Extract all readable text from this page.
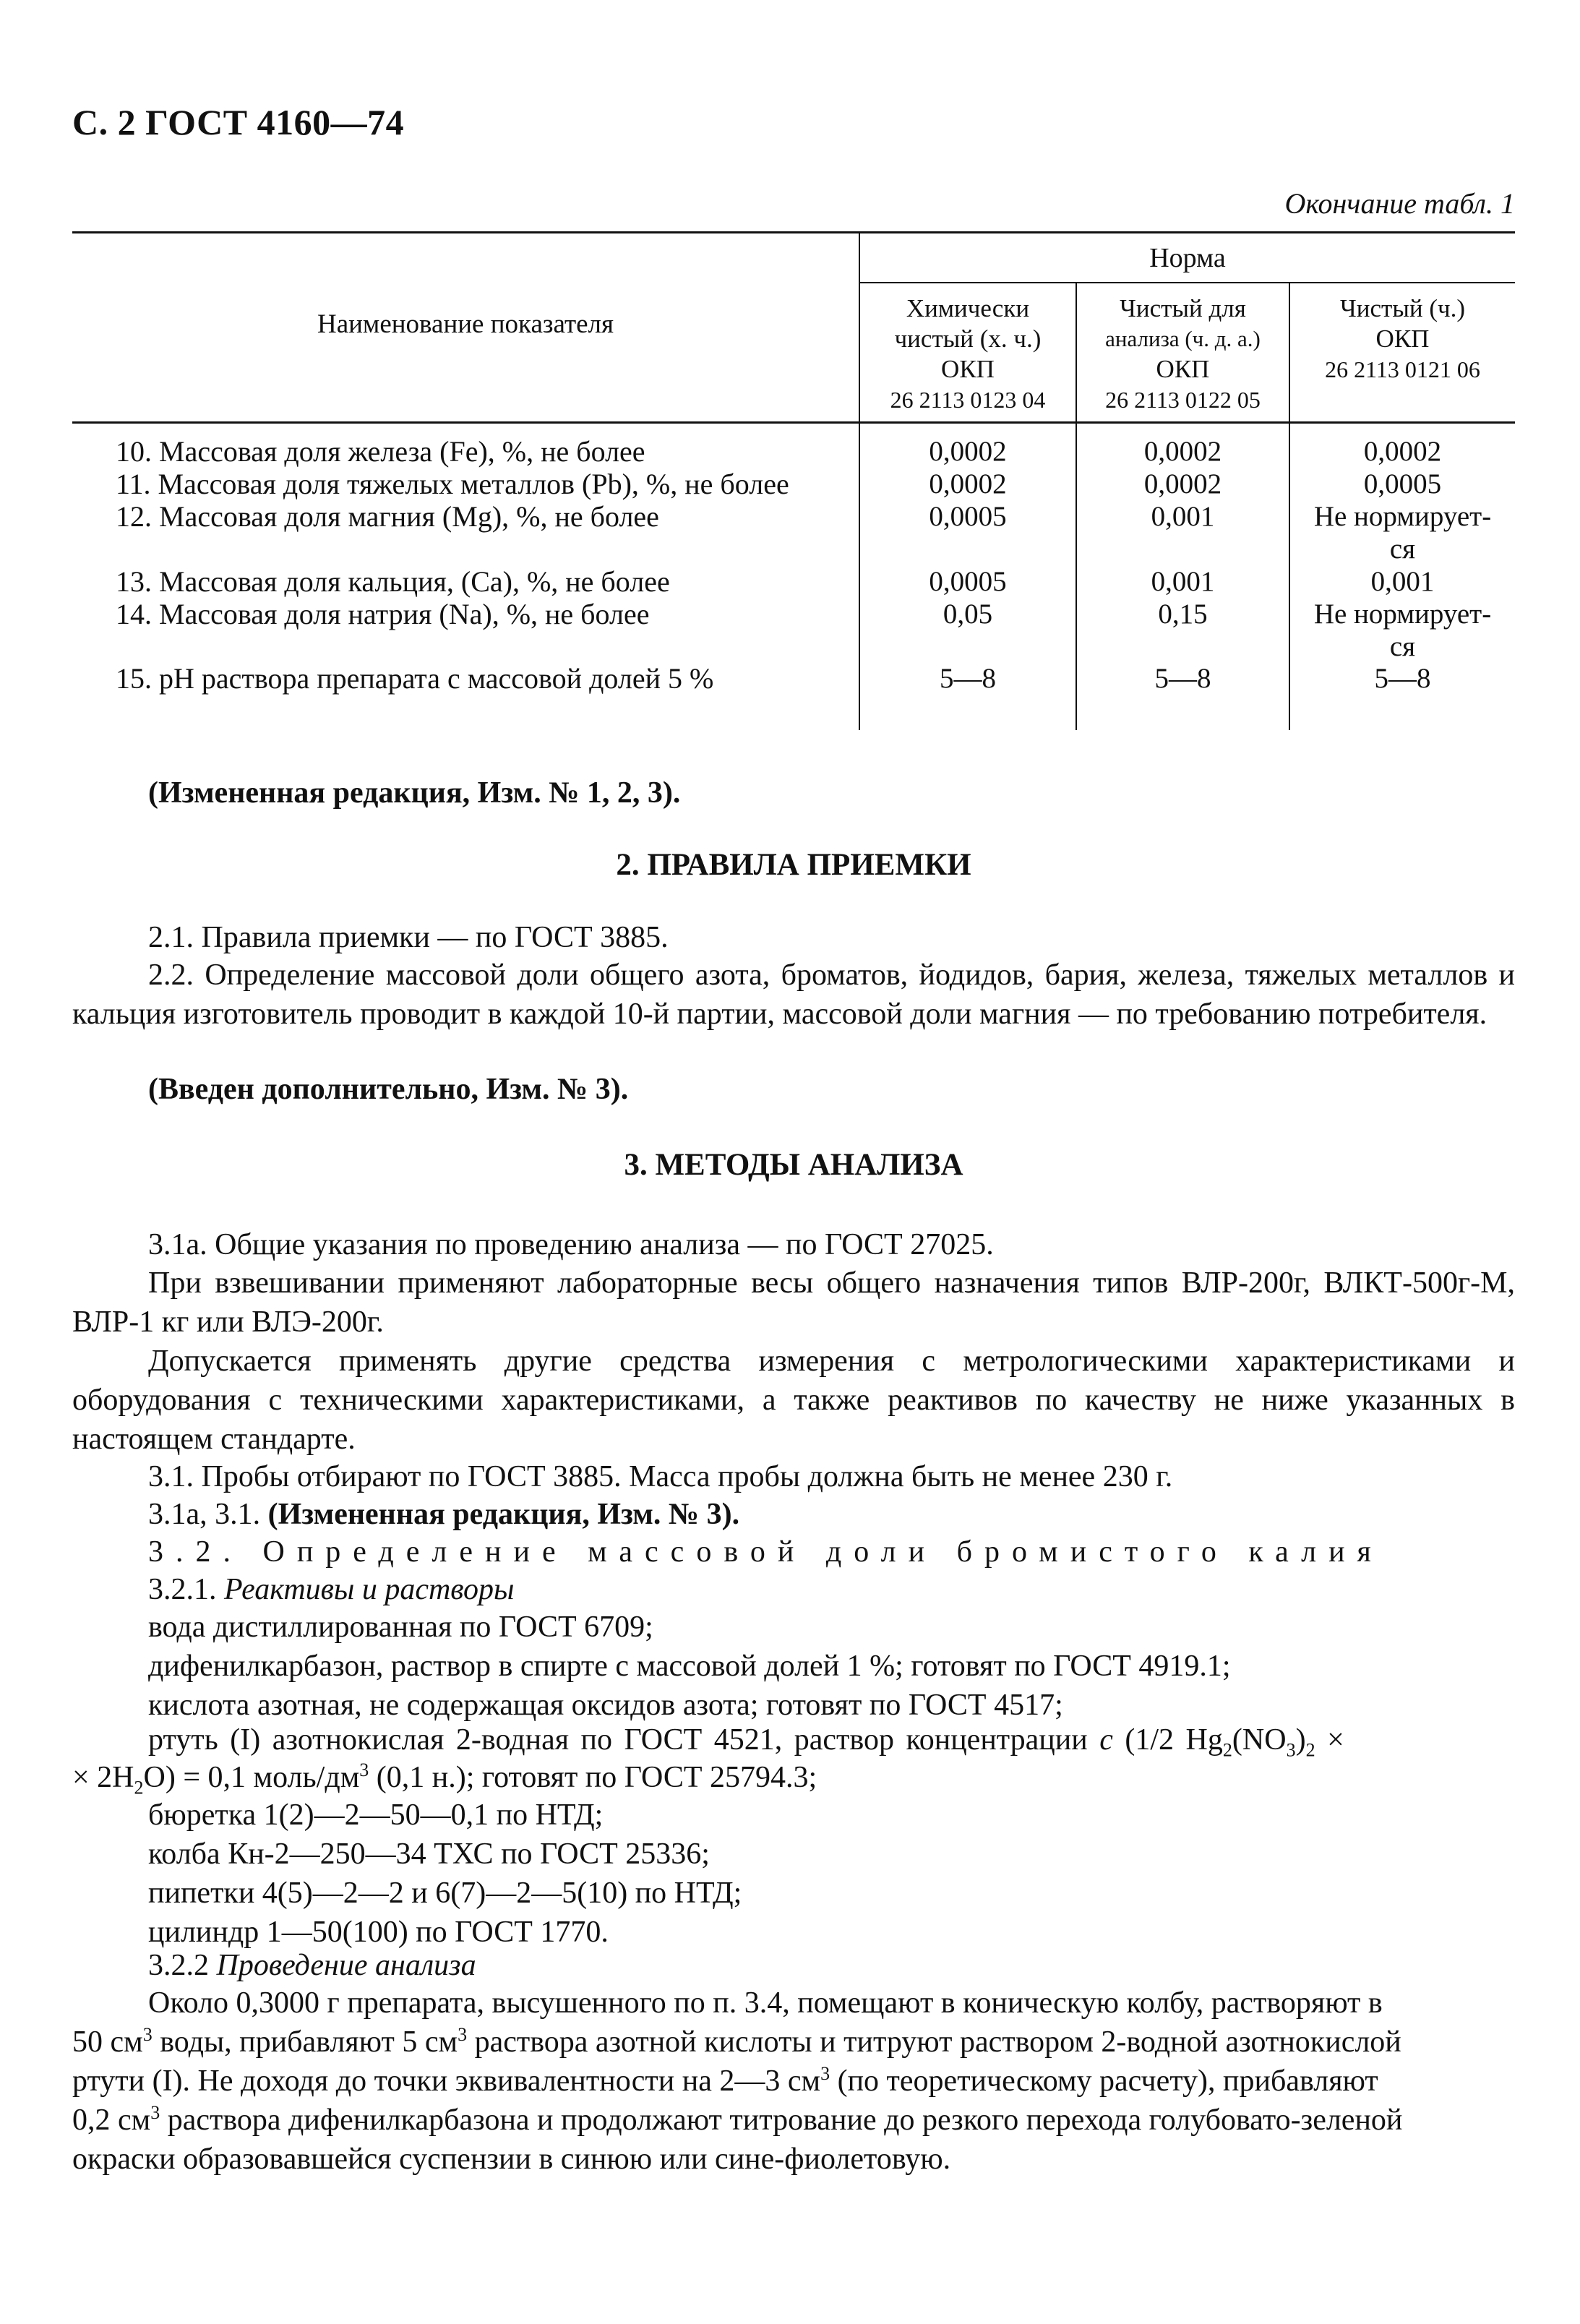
С. 2 ГОСТ 4160—74
Окончание табл. 1
Наименование показателя
Норма
Химически
чистый (х. ч.)
ОКП
26 2113 0123 04
Чистый для
анализа (ч. д. а.)
ОКП
26 2113 0122 05
Чистый (ч.)
ОКП
26 2113 0121 06
10. Массовая доля железа (Fe), %, не более	0,0002	0,0002	0,0002
11. Массовая доля тяжелых металлов (Pb), %, не более	0,0002	0,0002	0,0005
12. Массовая доля магния (Mg), %, не более	0,0005	0,001	Не нормирует-
ся
13. Массовая доля кальция, (Ca), %, не более	0,0005	0,001	0,001
14. Массовая доля натрия (Na), %, не более	0,05	0,15	Не нормирует-
ся
15. pH раствора препарата с массовой долей 5 %	5—8	5—8	5—8
(Измененная редакция, Изм. № 1, 2, 3).
2. ПРАВИЛА ПРИЕМКИ
2.1. Правила приемки — по ГОСТ 3885.
2.2. Определение массовой доли общего азота, броматов, йодидов, бария, железа, тяжелых металлов и кальция изготовитель проводит в каждой 10-й партии, массовой доли магния — по требованию потребителя.
(Введен дополнительно, Изм. № 3).
3. МЕТОДЫ АНАЛИЗА
3.1а. Общие указания по проведению анализа — по ГОСТ 27025.
При взвешивании применяют лабораторные весы общего назначения типов ВЛР-200г, ВЛКТ-500г-М, ВЛР-1 кг или ВЛЭ-200г.
Допускается применять другие средства измерения с метрологическими характеристиками и оборудования с техническими характеристиками, а также реактивов по качеству не ниже указанных в настоящем стандарте.
3.1. Пробы отбирают по ГОСТ 3885. Масса пробы должна быть не менее 230 г.
3.1а, 3.1. (Измененная редакция, Изм. № 3).
3.2. Определение массовой доли бромистого калия
3.2.1. Реактивы и растворы
вода дистиллированная по ГОСТ 6709;
дифенилкарбазон, раствор в спирте с массовой долей 1 %; готовят по ГОСТ 4919.1;
кислота азотная, не содержащая оксидов азота; готовят по ГОСТ 4517;
ртуть (I) азотнокислая 2-водная по ГОСТ 4521, раствор концентрации c (1/2 $Hg_2(NO_3)_2$ ×
× $2H_2O) = 0,1$ моль/$дм^3$ (0,1 н.); готовят по ГОСТ 25794.3;
бюретка 1(2)—2—50—0,1 по НТД;
колба Кн-2—250—34 ТХС по ГОСТ 25336;
пипетки 4(5)—2—2 и 6(7)—2—5(10) по НТД;
цилиндр 1—50(100) по ГОСТ 1770.
3.2.2 Проведение анализа
Около 0,3000 г препарата, высушенного по п. 3.4, помещают в коническую колбу, растворяют в
50 $см^3$ воды, прибавляют 5 $см^3$ раствора азотной кислоты и титруют раствором 2-водной азотнокислой
ртути (I). Не доходя до точки эквивалентности на 2—3 $см^3$ (по теоретическому расчету), прибавляют
0,2 $см^3$ раствора дифенилкарбазона и продолжают титрование до резкого перехода голубовато-зеленой
окраски образовавшейся суспензии в синюю или сине-фиолетовую.
